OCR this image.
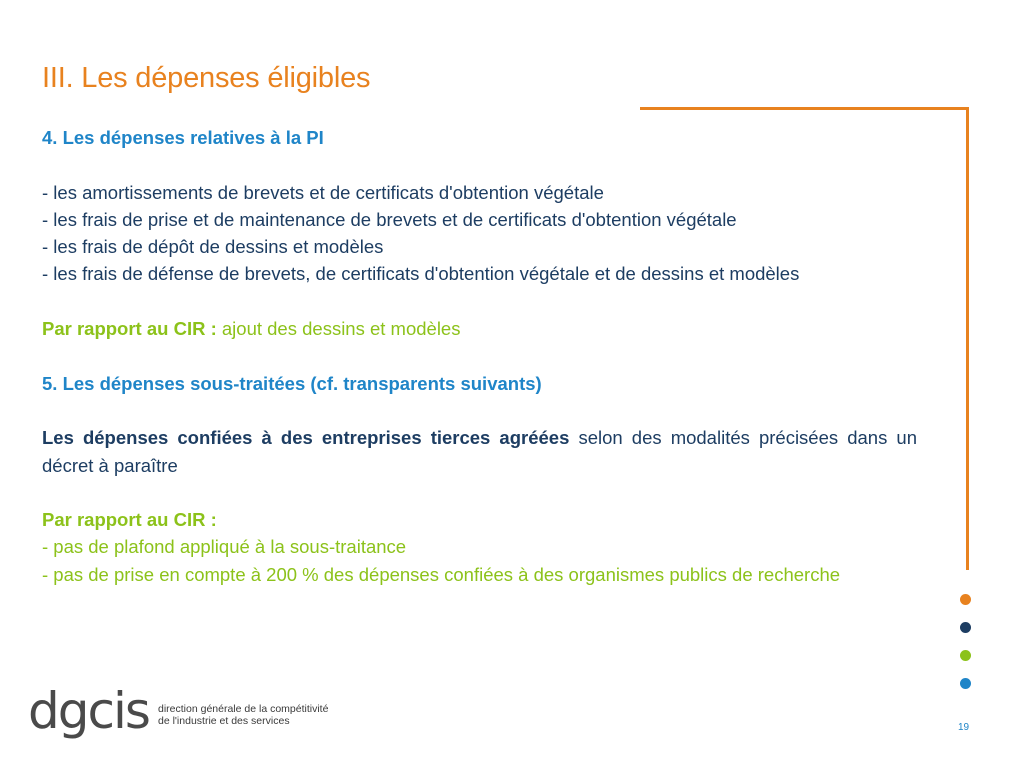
III. Les dépenses éligibles

4. Les dépenses relatives à la PI

- les amortissements de brevets et de certificats d'obtention végétale

- les frais de prise et de maintenance de brevets et de certificats d'obtention végétale

- les frais de dépôt de dessins et modèles

- les frais de défense de brevets, de certificats d'obtention végétale et de dessins et modèles

Par rapport au CIR : ajout des dessins et modèles

5. Les dépenses sous-traitées (cf. transparents suivants)

Les dépenses confiées à des entreprises tierces agréées selon des modalités précisées dans un décret à paraître

Par rapport au CIR :

- pas de plafond appliqué à la sous-traitance

- pas de prise en compte à 200 % des dépenses confiées à des organismes publics de recherche

dgcis direction générale de la compétitivité
de l'industrie et des services
19
